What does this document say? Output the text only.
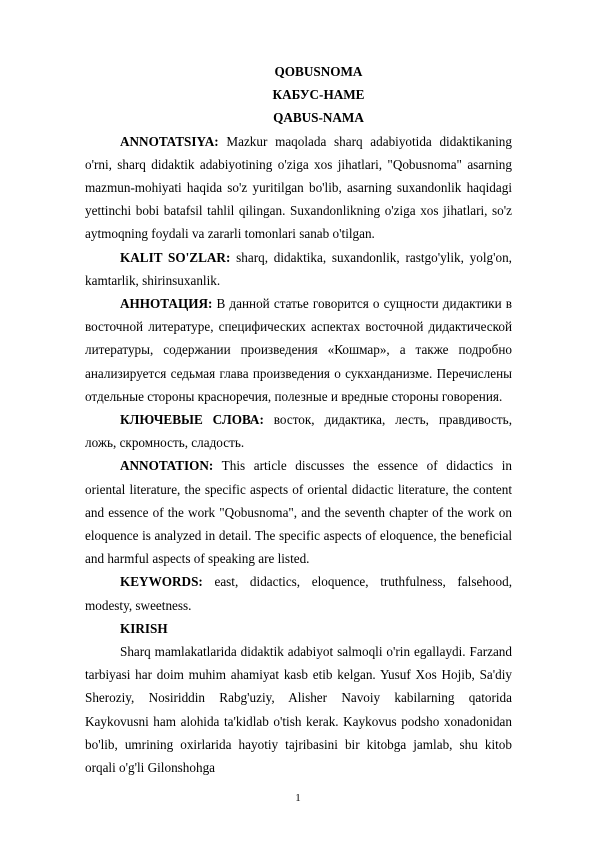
QOBUSNOMA

КАБУС-НАМЕ

QABUS-NAMA

ANNOTATSIYA: Mazkur maqolada sharq adabiyotida didaktikaning o'rni, sharq didaktik adabiyotining o'ziga xos jihatlari, "Qobusnoma" asarning mazmun-mohiyati haqida so'z yuritilgan bo'lib, asarning suxandonlik haqidagi yettinchi bobi batafsil tahlil qilingan. Suxandonlikning o'ziga xos jihatlari, so'z aytmoqning foydali va zararli tomonlari sanab o'tilgan.

KALIT SO'ZLAR: sharq, didaktika, suxandonlik, rastgo'ylik, yolg'on, kamtarlik, shirinsuxanlik.

АННОТАЦИЯ: В данной статье говорится о сущности дидактики в восточной литературе, специфических аспектах восточной дидактической литературы, содержании произведения «Кошмар», а также подробно анализируется седьмая глава произведения о сукханданизме. Перечислены отдельные стороны красноречия, полезные и вредные стороны говорения.

КЛЮЧЕВЫЕ СЛОВА: восток, дидактика, лесть, правдивость, ложь, скромность, сладость.

ANNOTATION: This article discusses the essence of didactics in oriental literature, the specific aspects of oriental didactic literature, the content and essence of the work "Qobusnoma", and the seventh chapter of the work on eloquence is analyzed in detail. The specific aspects of eloquence, the beneficial and harmful aspects of speaking are listed.

KEYWORDS: east, didactics, eloquence, truthfulness, falsehood, modesty, sweetness.

KIRISH

Sharq mamlakatlarida didaktik adabiyot salmoqli o'rin egallaydi. Farzand tarbiyasi har doim muhim ahamiyat kasb etib kelgan. Yusuf Xos Hojib, Sa'diy Sheroziy, Nosiriddin Rabg'uziy, Alisher Navoiy kabilarning qatorida Kaykovusni ham alohida ta'kidlab o'tish kerak. Kaykovus podsho xonadonidan bo'lib, umrining oxirlarida hayotiy tajribasini bir kitobga jamlab, shu kitob orqali o'g'li Gilonshohga

1
